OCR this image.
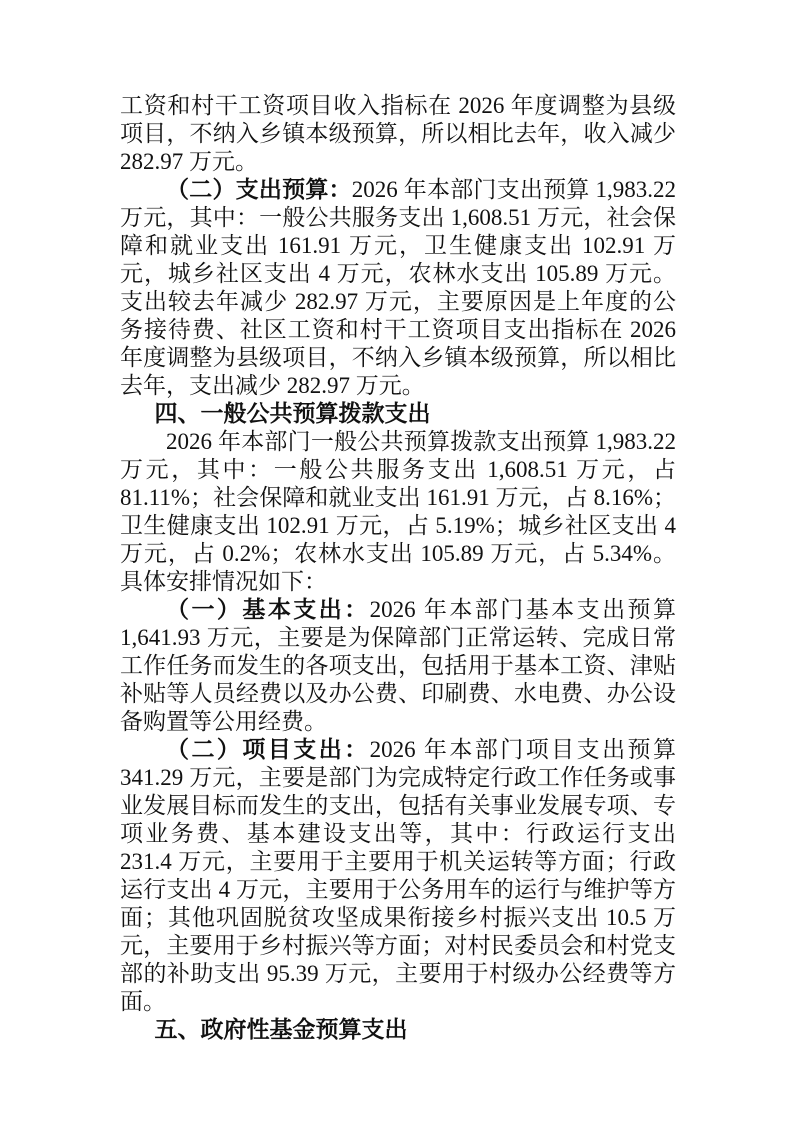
工资和村干工资项目收入指标在 2026 年度调整为县级项目，不纳入乡镇本级预算，所以相比去年，收入减少 282.97 万元。

（二）支出预算：2026 年本部门支出预算 1,983.22 万元，其中：一般公共服务支出 1,608.51 万元，社会保障和就业支出 161.91 万元，卫生健康支出 102.91 万元，城乡社区支出 4 万元，农林水支出 105.89 万元。支出较去年减少 282.97 万元，主要原因是上年度的公务接待费、社区工资和村干工资项目支出指标在 2026 年度调整为县级项目，不纳入乡镇本级预算，所以相比去年，支出减少 282.97 万元。

四、一般公共预算拨款支出

2026 年本部门一般公共预算拨款支出预算 1,983.22 万元，其中：一般公共服务支出 1,608.51 万元，占 81.11%；社会保障和就业支出 161.91 万元，占 8.16%；卫生健康支出 102.91 万元，占 5.19%；城乡社区支出 4 万元，占 0.2%；农林水支出 105.89 万元，占 5.34%。具体安排情况如下：

（一）基本支出：2026 年本部门基本支出预算 1,641.93 万元，主要是为保障部门正常运转、完成日常工作任务而发生的各项支出，包括用于基本工资、津贴补贴等人员经费以及办公费、印刷费、水电费、办公设备购置等公用经费。

（二）项目支出：2026 年本部门项目支出预算 341.29 万元，主要是部门为完成特定行政工作任务或事业发展目标而发生的支出，包括有关事业发展专项、专项业务费、基本建设支出等，其中：行政运行支出 231.4 万元，主要用于主要用于机关运转等方面；行政运行支出 4 万元，主要用于公务用车的运行与维护等方面；其他巩固脱贫攻坚成果衔接乡村振兴支出 10.5 万元，主要用于乡村振兴等方面；对村民委员会和村党支部的补助支出 95.39 万元，主要用于村级办公经费等方面。

五、政府性基金预算支出
